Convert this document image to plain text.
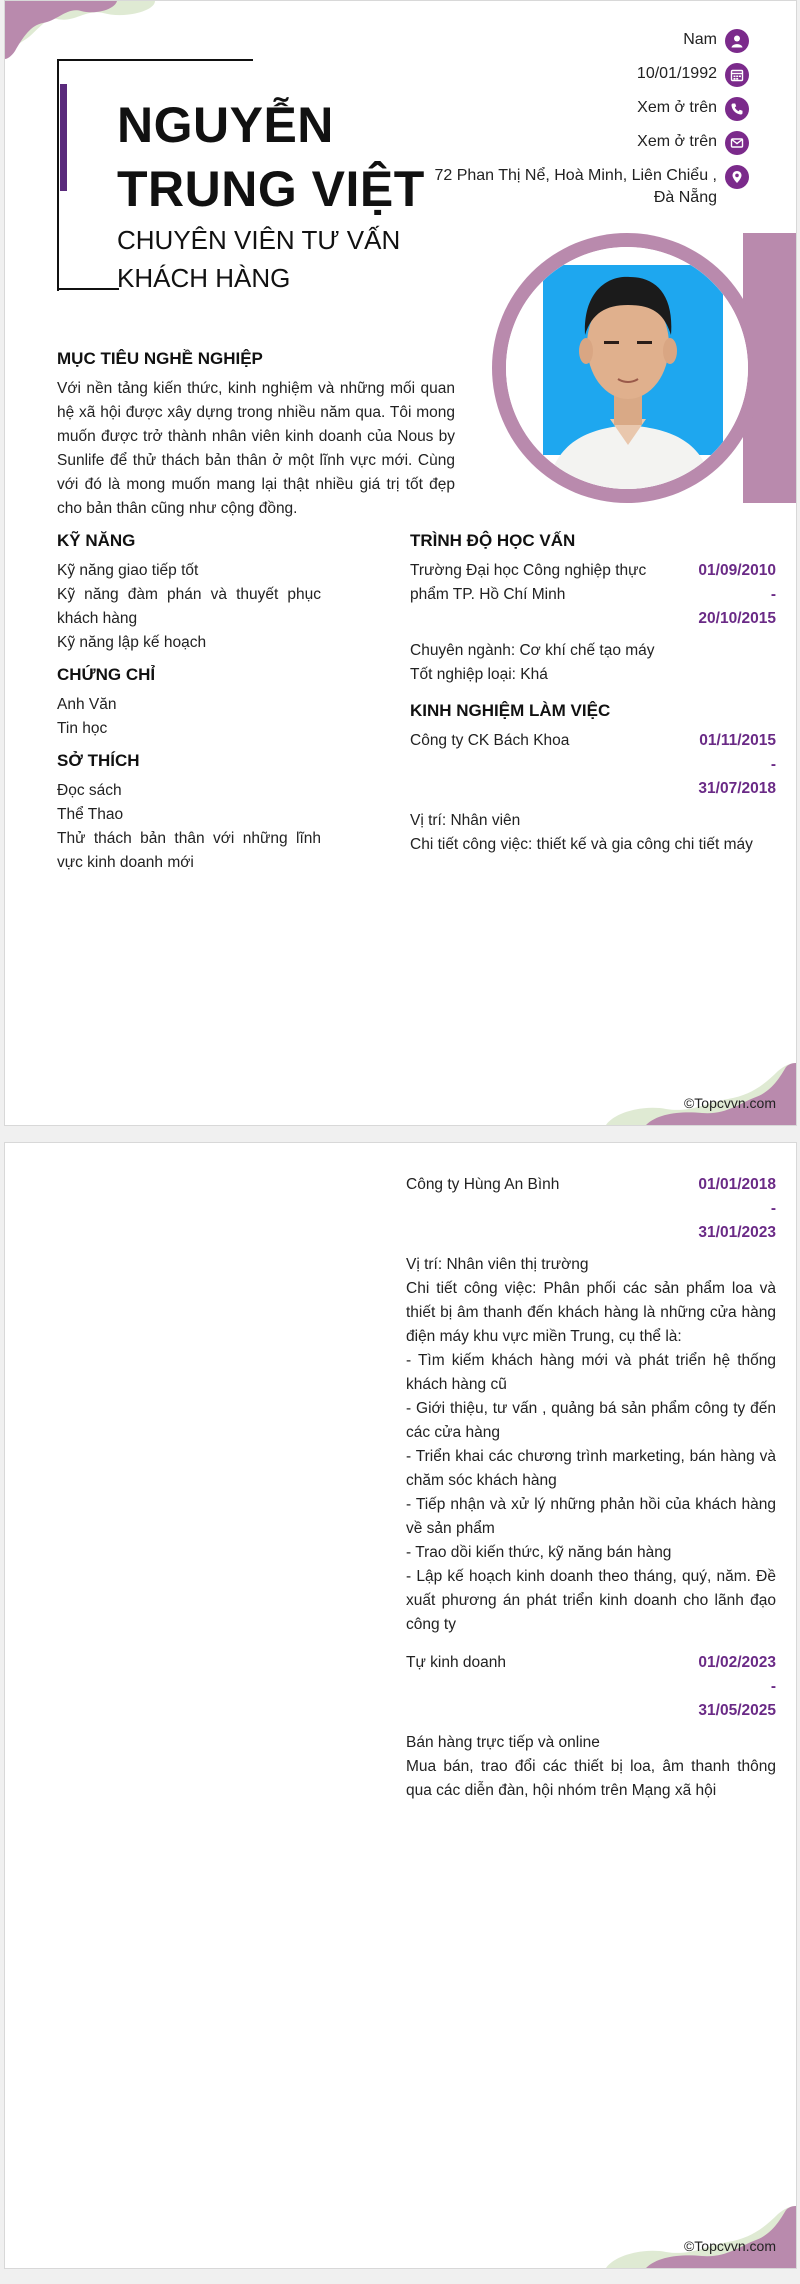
NGUYỄN TRUNG VIỆT
CHUYÊN VIÊN TƯ VẤN KHÁCH HÀNG
Nam
10/01/1992
Xem ở trên
Xem ở trên
72 Phan Thị Nể, Hoà Minh, Liên Chiểu , Đà Nẵng
MỤC TIÊU NGHỀ NGHIỆP

Với nền tảng kiến thức, kinh nghiệm và những mối quan hệ xã hội được xây dựng trong nhiều năm qua. Tôi mong muốn được trở thành nhân viên kinh doanh của Nous by Sunlife để thử thách bản thân ở một lĩnh vực mới. Cùng với đó là mong muốn mang lại thật nhiều giá trị tốt đẹp cho bản thân cũng như cộng đồng.

KỸ NĂNG

Kỹ năng giao tiếp tốt

Kỹ năng đàm phán và thuyết phục khách hàng

Kỹ năng lập kế hoạch

CHỨNG CHỈ

Anh Văn

Tin học

SỞ THÍCH

Đọc sách

Thể Thao

Thử thách bản thân với những lĩnh vực kinh doanh mới

TRÌNH ĐỘ HỌC VẤN
Trường Đại học Công nghiệp thực phẩm TP. Hồ Chí Minh
01/09/2010
-
20/10/2015

Chuyên ngành: Cơ khí chế tạo máy

Tốt nghiệp loại: Khá

KINH NGHIỆM LÀM VIỆC
Công ty CK Bách Khoa	01/11/2015
-
31/07/2018

Vị trí: Nhân viên

Chi tiết công việc: thiết kế và gia công chi tiết máy

©Topcvvn.com
Công ty Hùng An Bình	01/01/2018
-
31/01/2023

Vị trí: Nhân viên thị trường

Chi tiết công việc: Phân phối các sản phẩm loa và thiết bị âm thanh đến khách hàng là những cửa hàng điện máy khu vực miền Trung, cụ thể là:

- Tìm kiếm khách hàng mới và phát triển hệ thống khách hàng cũ

- Giới thiệu, tư vấn , quảng bá sản phẩm công ty đến các cửa hàng

- Triển khai các chương trình marketing, bán hàng và chăm sóc khách hàng

- Tiếp nhận và xử lý những phản hồi của khách hàng về sản phẩm

- Trao dồi kiến thức, kỹ năng bán hàng

- Lập kế hoạch kinh doanh theo tháng, quý, năm. Đề xuất phương án phát triển kinh doanh cho lãnh đạo công ty

Tự kinh doanh	01/02/2023
-
31/05/2025

Bán hàng trực tiếp và online

Mua bán, trao đổi các thiết bị loa, âm thanh thông qua các diễn đàn, hội nhóm trên Mạng xã hội

©Topcvvn.com
